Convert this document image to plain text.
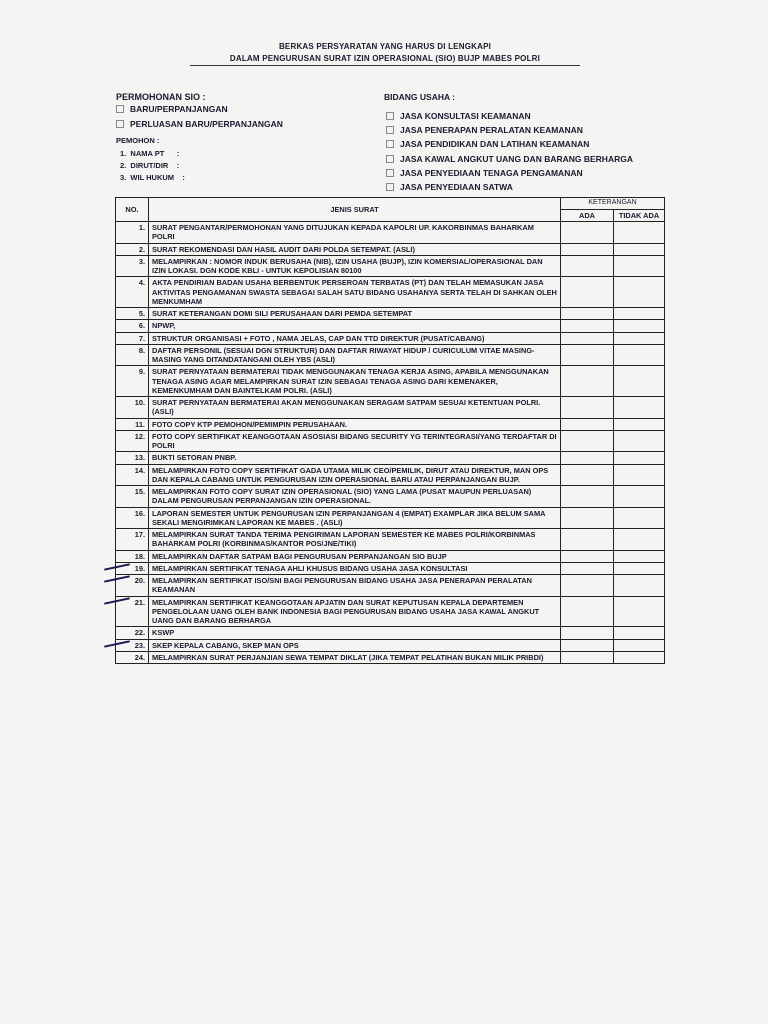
BERKAS PERSYARATAN YANG HARUS DI LENGKAPI
DALAM PENGURUSAN SURAT IZIN OPERASIONAL (SIO) BUJP MABES POLRI
PERMOHONAN SIO :
BARU/PERPANJANGAN
PERLUASAN BARU/PERPANJANGAN
PEMOHON :
1.  NAMA PT      :
2.  DIRUT/DIR    :
3.  WIL HUKUM    :
BIDANG USAHA :
JASA KONSULTASI KEAMANAN
JASA PENERAPAN PERALATAN KEAMANAN
JASA PENDIDIKAN DAN LATIHAN KEAMANAN
JASA KAWAL ANGKUT UANG DAN BARANG BERHARGA
JASA PENYEDIAAN TENAGA PENGAMANAN
JASA PENYEDIAAN SATWA
NO.	JENIS SURAT	KETERANGAN	
		ADA	TIDAK ADA
1.	SURAT PENGANTAR/PERMOHONAN YANG DITUJUKAN KEPADA KAPOLRI UP. KAKORBINMAS BAHARKAM POLRI		
2.	SURAT REKOMENDASI DAN HASIL AUDIT DARI POLDA SETEMPAT. (ASLI)		
3.	MELAMPIRKAN : NOMOR INDUK BERUSAHA (NIB), IZIN USAHA (BUJP), IZIN KOMERSIAL/OPERASIONAL DAN IZIN LOKASI. DGN KODE KBLI - UNTUK KEPOLISIAN 80100		
4.	AKTA PENDIRIAN BADAN USAHA BERBENTUK PERSEROAN TERBATAS (PT) DAN TELAH MEMASUKAN JASA AKTIVITAS PENGAMANAN SWASTA SEBAGAI SALAH SATU BIDANG USAHANYA SERTA TELAH DI SAHKAN OLEH MENKUMHAM		
5.	SURAT KETERANGAN DOMI SILI PERUSAHAAN DARI PEMDA SETEMPAT		
6.	NPWP,		
7.	STRUKTUR ORGANISASI + FOTO , NAMA JELAS, CAP DAN TTD DIREKTUR (PUSAT/CABANG)		
8.	DAFTAR PERSONIL (SESUAI DGN STRUKTUR) DAN DAFTAR RIWAYAT HIDUP / CURICULUM VITAE MASING-MASING YANG DITANDATANGANI OLEH YBS (ASLI)		
9.	SURAT PERNYATAAN BERMATERAI TIDAK MENGGUNAKAN TENAGA KERJA ASING, APABILA MENGGUNAKAN TENAGA ASING AGAR MELAMPIRKAN SURAT IZIN SEBAGAI TENAGA ASING DARI KEMENAKER, KEMENKUMHAM DAN BAINTELKAM POLRI. (ASLI)		
10.	SURAT PERNYATAAN BERMATERAI AKAN MENGGUNAKAN SERAGAM SATPAM SESUAI KETENTUAN POLRI. (ASLI)		
11.	FOTO COPY KTP PEMOHON/PEMIMPIN PERUSAHAAN.		
12.	FOTO COPY SERTIFIKAT KEANGGOTAAN ASOSIASI BIDANG SECURITY YG TERINTEGRASI/YANG TERDAFTAR DI POLRI		
13.	BUKTI SETORAN PNBP.		
14.	MELAMPIRKAN FOTO COPY SERTIFIKAT GADA UTAMA MILIK CEO/PEMILIK, DIRUT ATAU DIREKTUR, MAN OPS DAN KEPALA CABANG UNTUK PENGURUSAN IZIN OPERASIONAL BARU ATAU PERPANJANGAN BUJP.		
15.	MELAMPIRKAN FOTO COPY SURAT IZIN OPERASIONAL (SIO) YANG LAMA (PUSAT MAUPUN PERLUASAN) DALAM PENGURUSAN PERPANJANGAN IZIN OPERASIONAL.		
16.	LAPORAN SEMESTER UNTUK PENGURUSAN IZIN PERPANJANGAN 4 (EMPAT) EXAMPLAR JIKA BELUM SAMA SEKALI MENGIRIMKAN LAPORAN KE MABES . (ASLI)		
17.	MELAMPIRKAN SURAT TANDA TERIMA PENGIRIMAN LAPORAN SEMESTER KE MABES POLRI/KORBINMAS BAHARKAM POLRI (KORBINMAS/KANTOR POS/JNE/TIKI)		
18.	MELAMPIRKAN DAFTAR SATPAM BAGI PENGURUSAN PERPANJANGAN SIO BUJP		

19.	MELAMPIRKAN SERTIFIKAT TENAGA AHLI KHUSUS BIDANG USAHA JASA KONSULTASI		

20.	MELAMPIRKAN SERTIFIKAT ISO/SNI BAGI PENGURUSAN BIDANG USAHA JASA PENERAPAN PERALATAN KEAMANAN		

21.	MELAMPIRKAN SERTIFIKAT KEANGGOTAAN APJATIN DAN SURAT KEPUTUSAN KEPALA DEPARTEMEN PENGELOLAAN UANG OLEH BANK INDONESIA BAGI PENGURUSAN BIDANG USAHA JASA KAWAL ANGKUT UANG DAN BARANG BERHARGA		
22.	KSWP		

23.	SKEP KEPALA CABANG, SKEP MAN OPS		
24.	MELAMPIRKAN SURAT PERJANJIAN SEWA TEMPAT DIKLAT (JIKA TEMPAT PELATIHAN BUKAN MILIK PRIBDI)		
